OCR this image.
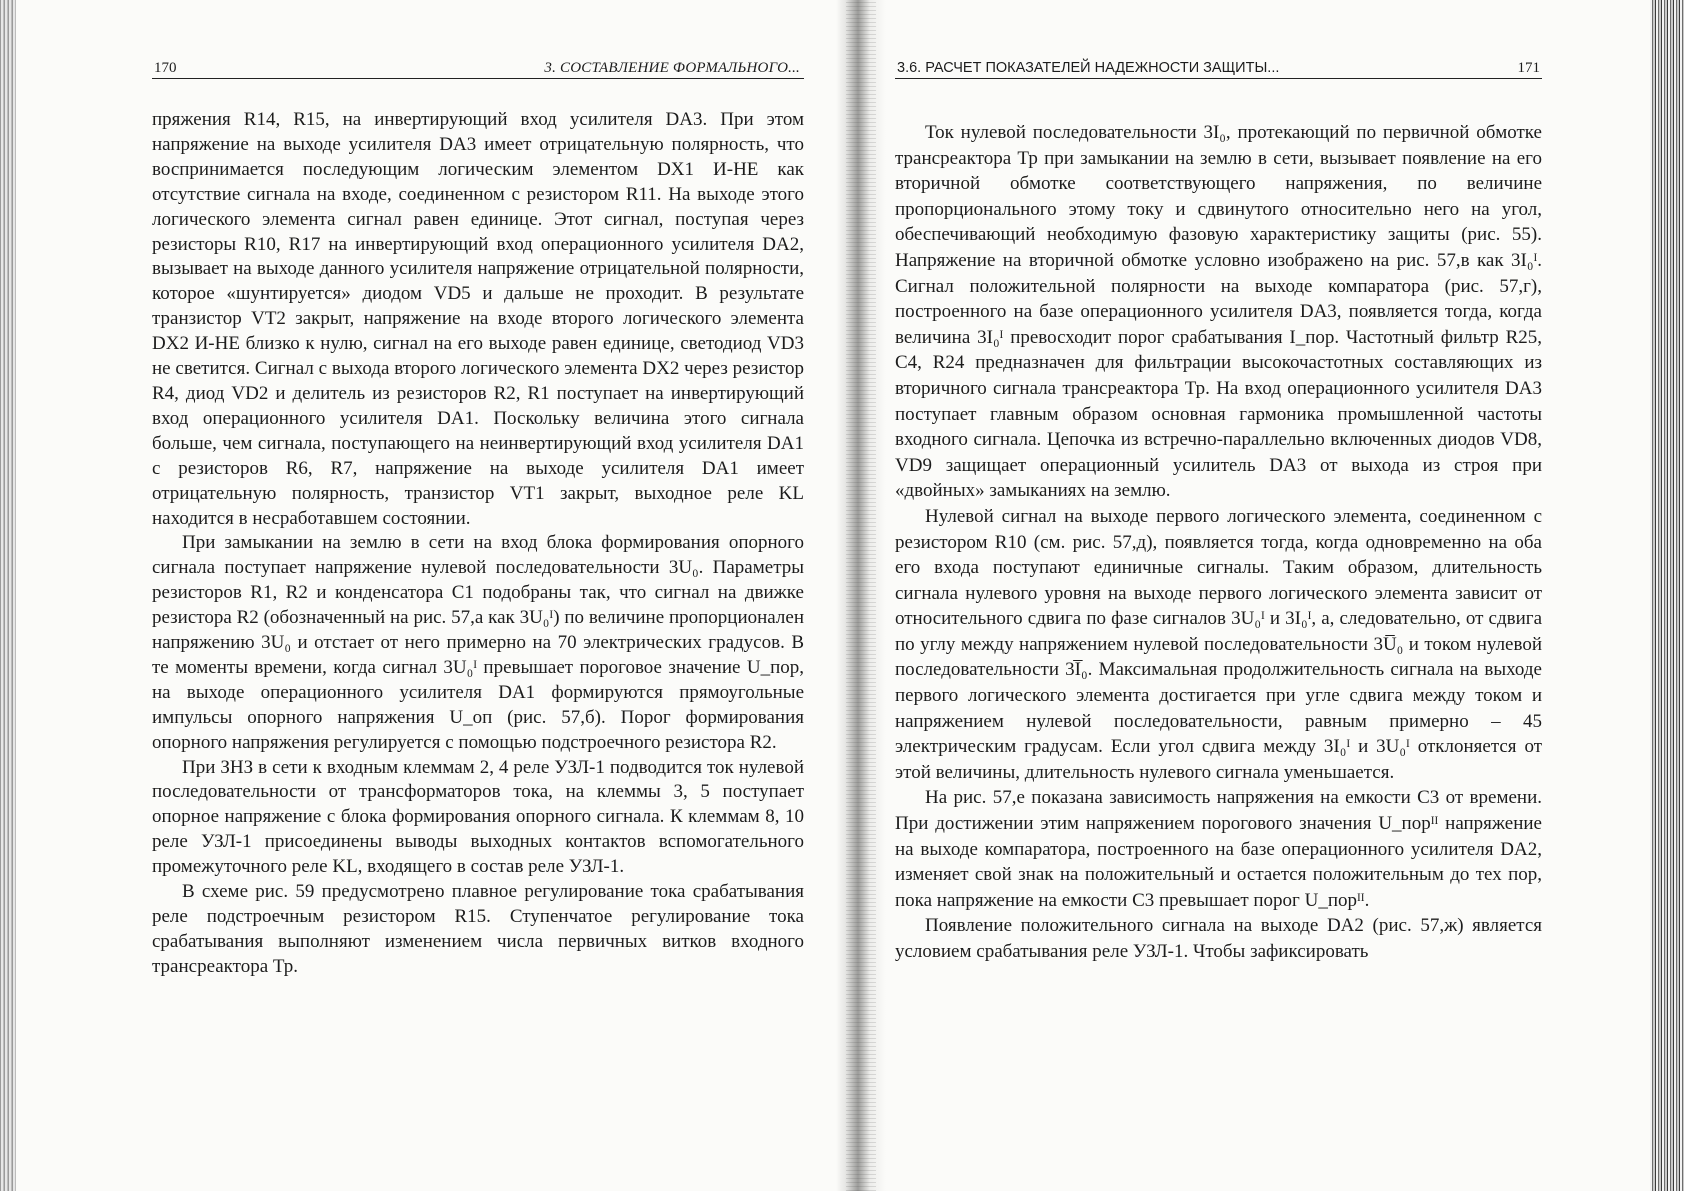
170	3. СОСТАВЛЕНИЕ ФОРМАЛЬНОГО...

пряжения R14, R15, на инвертирующий вход усилителя DA3. При этом напряжение на выходе усилителя DA3 имеет отрицательную полярность, что воспринимается последующим логическим элементом DX1 И-НЕ как отсутствие сигнала на входе, соединенном с резистором R11. На выходе этого логического элемента сигнал равен единице. Этот сигнал, поступая через резисторы R10, R17 на инвертирующий вход операционного усилителя DA2, вызывает на выходе данного усилителя напряжение отрицательной полярности, которое «шунтируется» диодом VD5 и дальше не проходит. В результате транзистор VT2 закрыт, напряжение на входе второго логического элемента DX2 И-НЕ близко к нулю, сигнал на его выходе равен единице, светодиод VD3 не светится. Сигнал с выхода второго логического элемента DX2 через резистор R4, диод VD2 и делитель из резисторов R2, R1 поступает на инвертирующий вход операционного усилителя DA1. Поскольку величина этого сигнала больше, чем сигнала, поступающего на неинвертирующий вход усилителя DA1 с резисторов R6, R7, напряжение на выходе усилителя DA1 имеет отрицательную полярность, транзистор VT1 закрыт, выходное реле KL находится в несработавшем состоянии.

При замыкании на землю в сети на вход блока формирования опорного сигнала поступает напряжение нулевой последовательности 3U₀. Параметры резисторов R1, R2 и конденсатора C1 подобраны так, что сигнал на движке резистора R2 (обозначенный на рис. 57,а как 3U₀ᴵ) по величине пропорционален напряжению 3U₀ и отстает от него примерно на 70 электрических градусов. В те моменты времени, когда сигнал 3U₀ᴵ превышает пороговое значение U_пор, на выходе операционного усилителя DA1 формируются прямоугольные импульсы опорного напряжения U_оп (рис. 57,б). Порог формирования опорного напряжения регулируется с помощью подстроечного резистора R2.

При ЗНЗ в сети к входным клеммам 2, 4 реле УЗЛ-1 подводится ток нулевой последовательности от трансформаторов тока, на клеммы 3, 5 поступает опорное напряжение с блока формирования опорного сигнала. К клеммам 8, 10 реле УЗЛ-1 присоединены выводы выходных контактов вспомогательного промежуточного реле KL, входящего в состав реле УЗЛ-1.

В схеме рис. 59 предусмотрено плавное регулирование тока срабатывания реле подстроечным резистором R15. Ступенчатое регулирование тока срабатывания выполняют изменением числа первичных витков входного трансреактора Тр.

3.6. РАСЧЕТ ПОКАЗАТЕЛЕЙ НАДЕЖНОСТИ ЗАЩИТЫ...	171

Ток нулевой последовательности 3I₀, протекающий по первичной обмотке трансреактора Тр при замыкании на землю в сети, вызывает появление на его вторичной обмотке соответствующего напряжения, по величине пропорционального этому току и сдвинутого относительно него на угол, обеспечивающий необходимую фазовую характеристику защиты (рис. 55). Напряжение на вторичной обмотке условно изображено на рис. 57,в как 3I₀ᴵ. Сигнал положительной полярности на выходе компаратора (рис. 57,г), построенного на базе операционного усилителя DA3, появляется тогда, когда величина 3I₀ᴵ превосходит порог срабатывания I_пор. Частотный фильтр R25, C4, R24 предназначен для фильтрации высокочастотных составляющих из вторичного сигнала трансреактора Тр. На вход операционного усилителя DA3 поступает главным образом основная гармоника промышленной частоты входного сигнала. Цепочка из встречно-параллельно включенных диодов VD8, VD9 защищает операционный усилитель DA3 от выхода из строя при «двойных» замыканиях на землю.

Нулевой сигнал на выходе первого логического элемента, соединенном с резистором R10 (см. рис. 57,д), появляется тогда, когда одновременно на оба его входа поступают единичные сигналы. Таким образом, длительность сигнала нулевого уровня на выходе первого логического элемента зависит от относительного сдвига по фазе сигналов 3U₀ᴵ и 3I₀ᴵ, а, следовательно, от сдвига по углу между напряжением нулевой последовательности 3U̅₀ и током нулевой последовательности 3I̅₀. Максимальная продолжительность сигнала на выходе первого логического элемента достигается при угле сдвига между током и напряжением нулевой последовательности, равным примерно – 45 электрическим градусам. Если угол сдвига между 3I₀ᴵ и 3U₀ᴵ отклоняется от этой величины, длительность нулевого сигнала уменьшается.

На рис. 57,е показана зависимость напряжения на емкости C3 от времени. При достижении этим напряжением порогового значения U_порᴵᴵ напряжение на выходе компаратора, построенного на базе операционного усилителя DA2, изменяет свой знак на положительный и остается положительным до тех пор, пока напряжение на емкости C3 превышает порог U_порᴵᴵ.

Появление положительного сигнала на выходе DA2 (рис. 57,ж) является условием срабатывания реле УЗЛ-1. Чтобы зафиксировать
